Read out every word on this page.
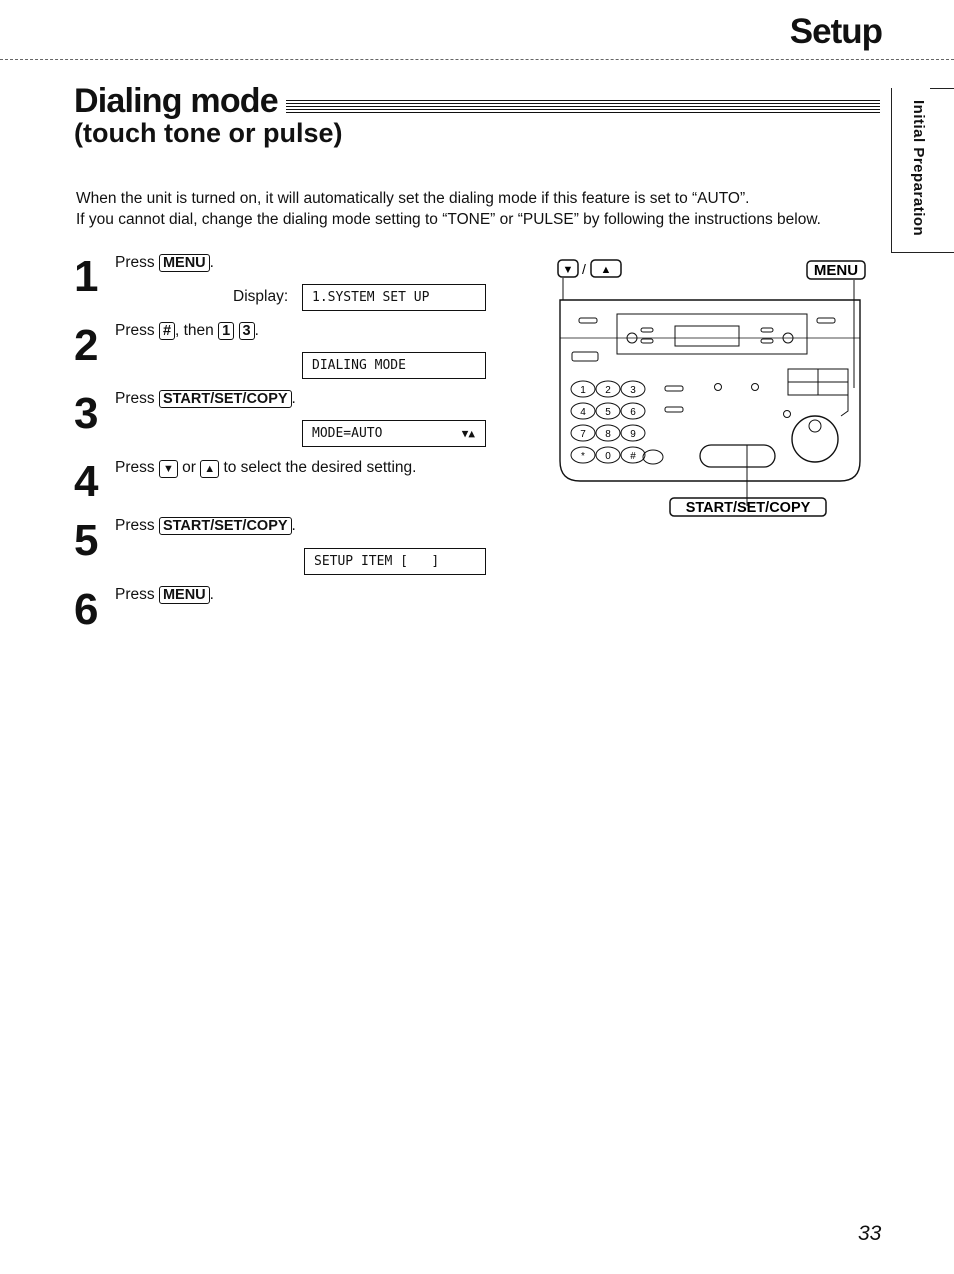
Setup
Dialing mode
(touch tone or pulse)	Initial Preparation

When the unit is turned on, it will automatically set the dialing mode if this feature is set to “AUTO”.

If you cannot dial, change the dialing mode setting to “TONE” or “PULSE” by following the instructions below.

1 Press MENU .
Display: 1.SYSTEM SET UP
2 Press # , then 1 3 .
DIALING MODE
3 Press START/SET/COPY .
MODE=AUTO	▼▲
4 Press ▼ or ▲ to select the desired setting.
5 Press START/SET/COPY .
SETUP ITEM [   ]
6 Press MENU .
▼ / ▲	MENU
1 2 3
4 5 6
7 8 9
* 0 #
START/SET/COPY
33
